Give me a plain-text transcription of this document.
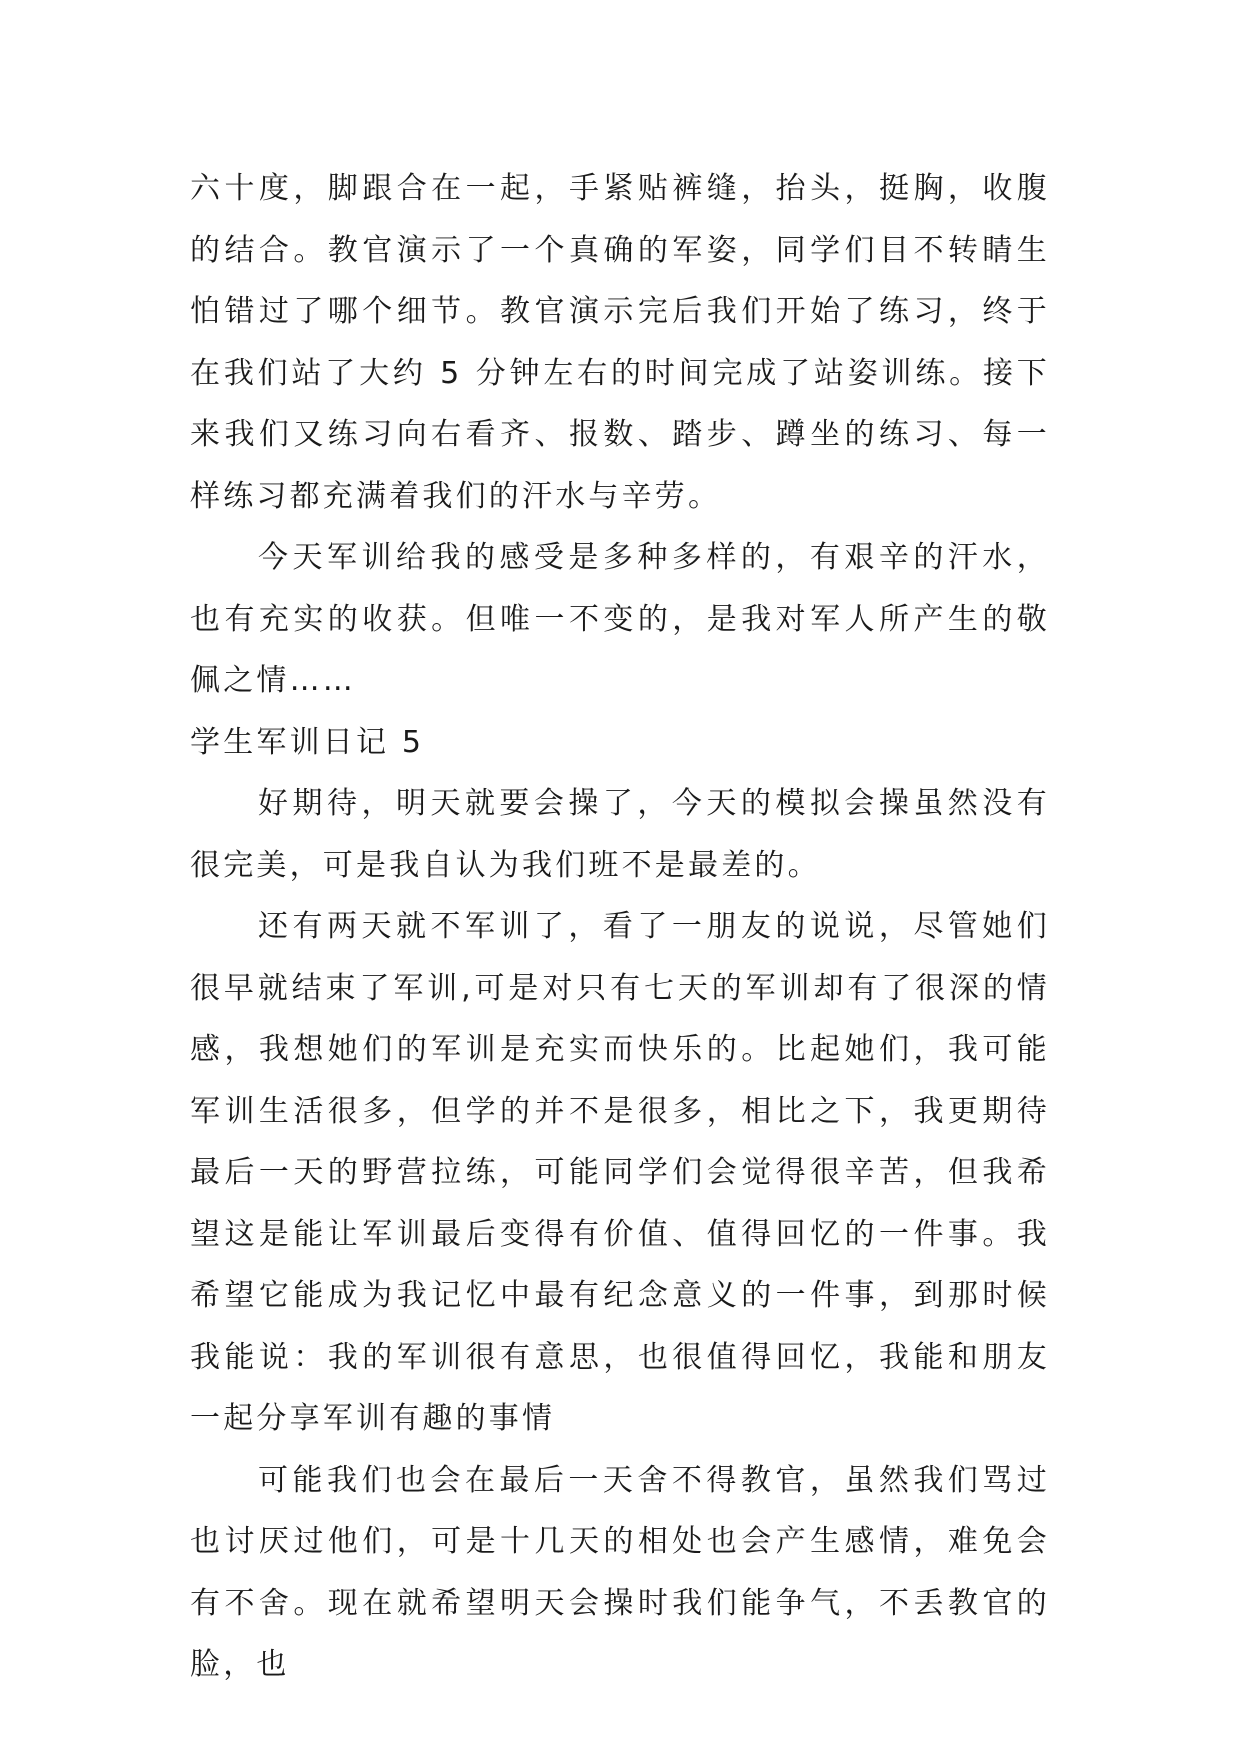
六十度，脚跟合在一起，手紧贴裤缝，抬头，挺胸，收腹的结合。教官演示了一个真确的军姿，同学们目不转睛生怕错过了哪个细节。教官演示完后我们开始了练习，终于在我们站了大约 5 分钟左右的时间完成了站姿训练。接下来我们又练习向右看齐、报数、踏步、蹲坐的练习、每一样练习都充满着我们的汗水与辛劳。

今天军训给我的感受是多种多样的，有艰辛的汗水，也有充实的收获。但唯一不变的，是我对军人所产生的敬佩之情……

学生军训日记 5

好期待，明天就要会操了，今天的模拟会操虽然没有很完美，可是我自认为我们班不是最差的。

还有两天就不军训了，看了一朋友的说说，尽管她们很早就结束了军训,可是对只有七天的军训却有了很深的情感，我想她们的军训是充实而快乐的。比起她们，我可能军训生活很多，但学的并不是很多，相比之下，我更期待最后一天的野营拉练，可能同学们会觉得很辛苦，但我希望这是能让军训最后变得有价值、值得回忆的一件事。我希望它能成为我记忆中最有纪念意义的一件事，到那时候我能说：我的军训很有意思，也很值得回忆，我能和朋友一起分享军训有趣的事情

可能我们也会在最后一天舍不得教官，虽然我们骂过也讨厌过他们，可是十几天的相处也会产生感情，难免会有不舍。现在就希望明天会操时我们能争气，不丢教官的脸，也
